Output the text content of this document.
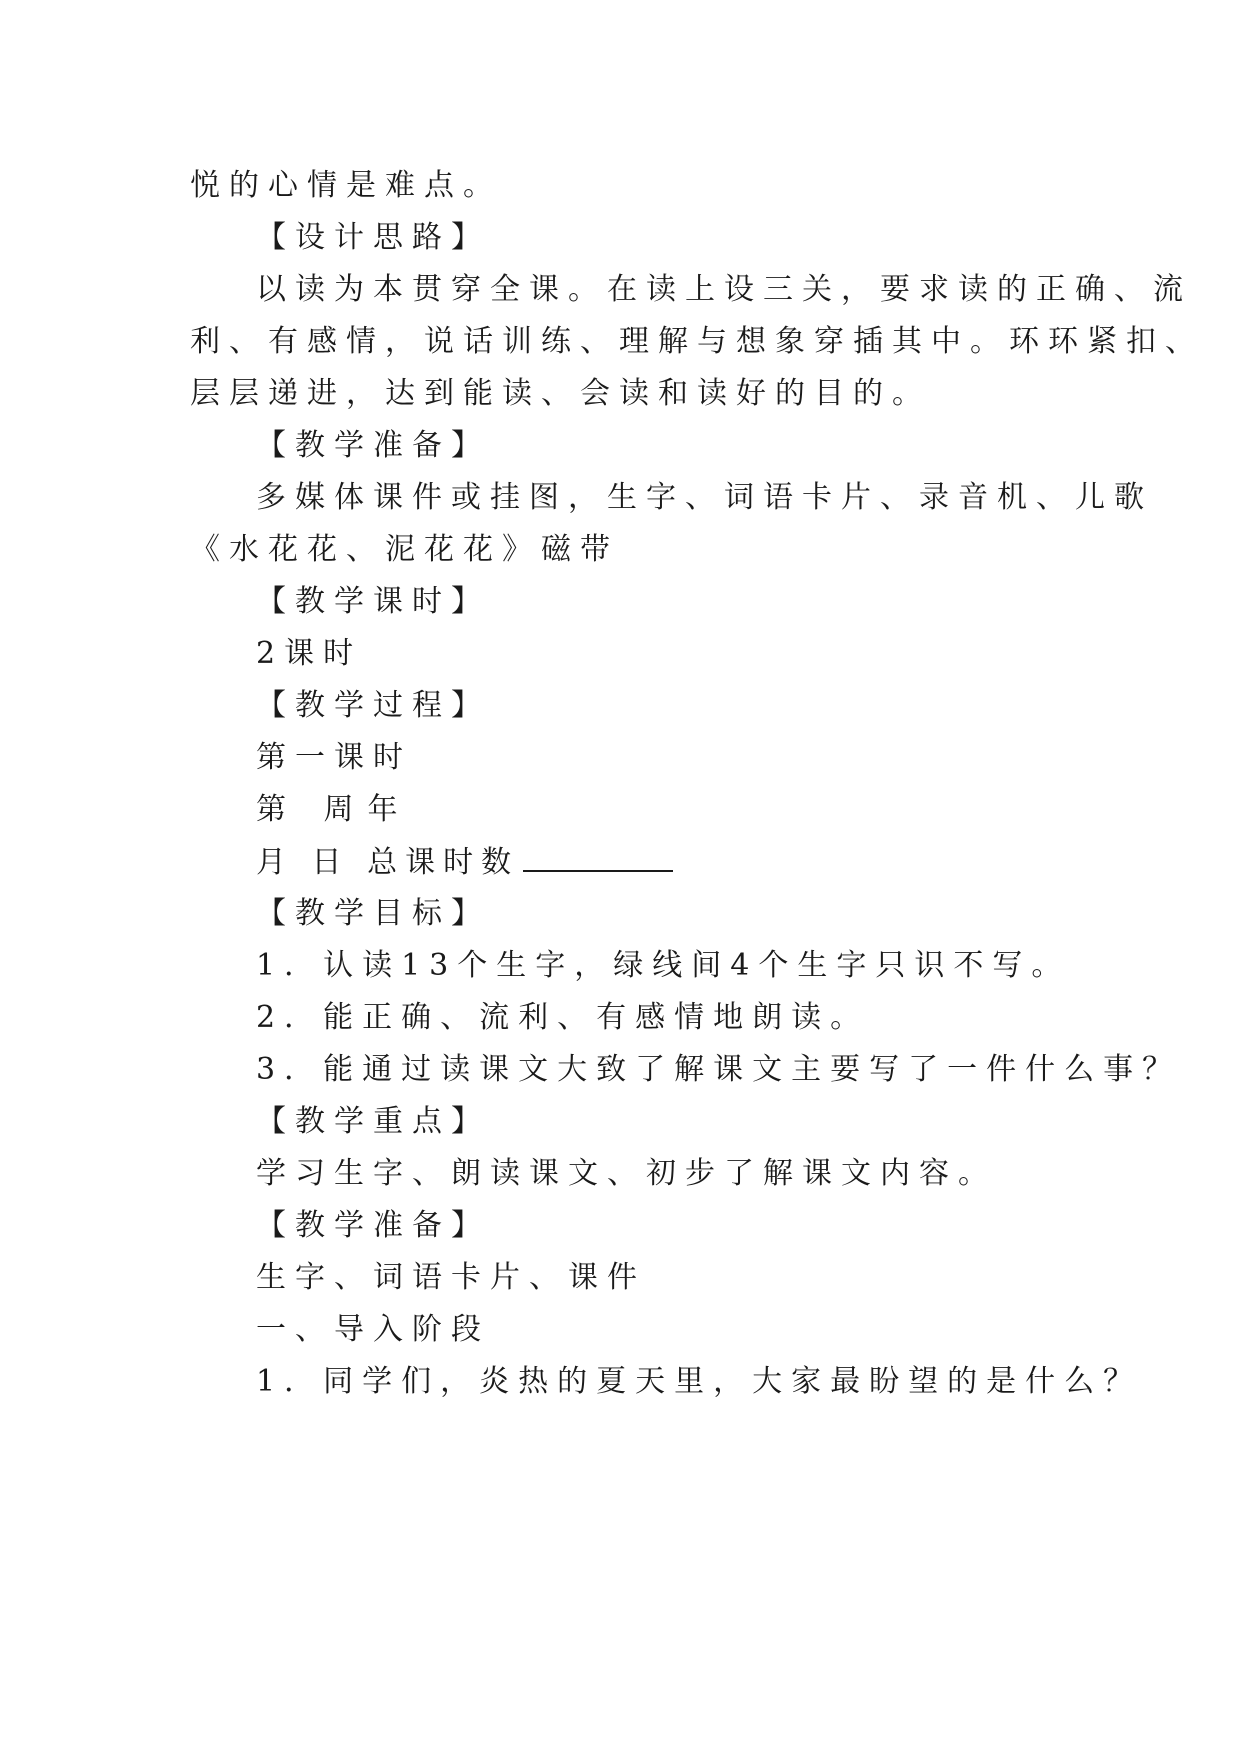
悦的心情是难点。
【设计思路】
以读为本贯穿全课。在读上设三关，要求读的正确、流
利、有感情，说话训练、理解与想象穿插其中。环环紧扣、
层层递进，达到能读、会读和读好的目的。
【教学准备】
多媒体课件或挂图，生字、词语卡片、录音机、儿歌
《水花花、泥花花》磁带
【教学课时】
2课时
【教学过程】
第一课时
第 周年
月 日 总课时数
【教学目标】
1．认读13个生字，绿线间4个生字只识不写。
2．能正确、流利、有感情地朗读。
3．能通过读课文大致了解课文主要写了一件什么事？
【教学重点】
学习生字、朗读课文、初步了解课文内容。
【教学准备】
生字、词语卡片、课件
一、导入阶段
1．同学们，炎热的夏天里，大家最盼望的是什么？
